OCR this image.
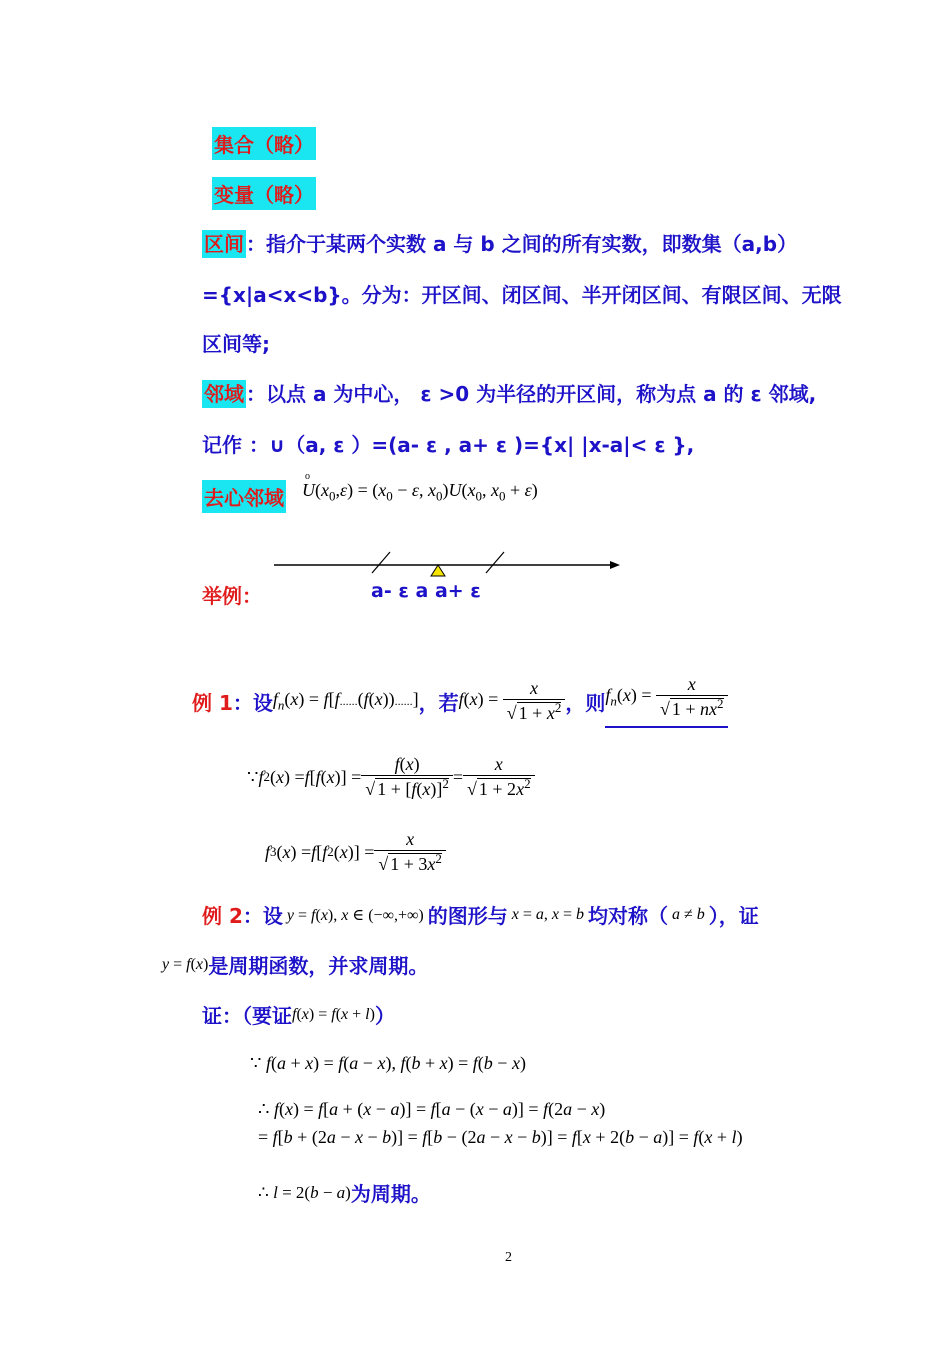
集合（略）
变量（略）
区间 ：指介于某两个实数 a 与 b 之间的所有实数，即数集（a,b）
={x|a<x<b}。分为：开区间、闭区间、半开闭区间、有限区间、无限
区间等;
邻域 ：以点 a 为中心， ε >0 为半径的开区间，称为点 a 的 ε 邻域,
记作 ：∪（a, ε ）=(a- ε , a+ ε )={x| |x-a|< ε },
去心邻域
o
$U(x_0,\varepsilon) = (x_0 - \varepsilon$, $x_0)U(x_0$, $x_0 + \varepsilon$)
举例：	a- ε a a+ ε
例 1 ：设 $f_n(x) = f[f......(f(x))......]$ ，若 $f(x) = \frac{x}{√ 1 + x^2}$ ，则 $f_n(x) = \frac{x}{√ 1 + nx^2}$
∵ f 2 ( x ) = f [ f ( x )] = $\frac{f(x)}{√ 1 + [f(x)]^2} = \frac{x}{√ 1 + 2x^2}$
f 3 ( x ) = f [ f 2 ( x )] = $\frac{x}{√ 1 + 3x^2}$
例 2 ：设 y = f(x), x ∈ (−∞,+∞) 的图形与 x = a, x = b 均对称（ a ≠ b ），证
y = f(x) 是周期函数，并求周期。
证：（要证 f(x) = f(x + l) ）
∵ f(a + x) = f(a − x), f(b + x) = f(b − x)
∴ f(x) = f[a + (x − a)] = f[a − (x − a)] = f(2a − x)
= f[b + (2a − x − b)] = f[b − (2a − x − b)] = f[x + 2(b − a)] = f(x + l)
∴ l = 2(b − a) 为周期。
2
